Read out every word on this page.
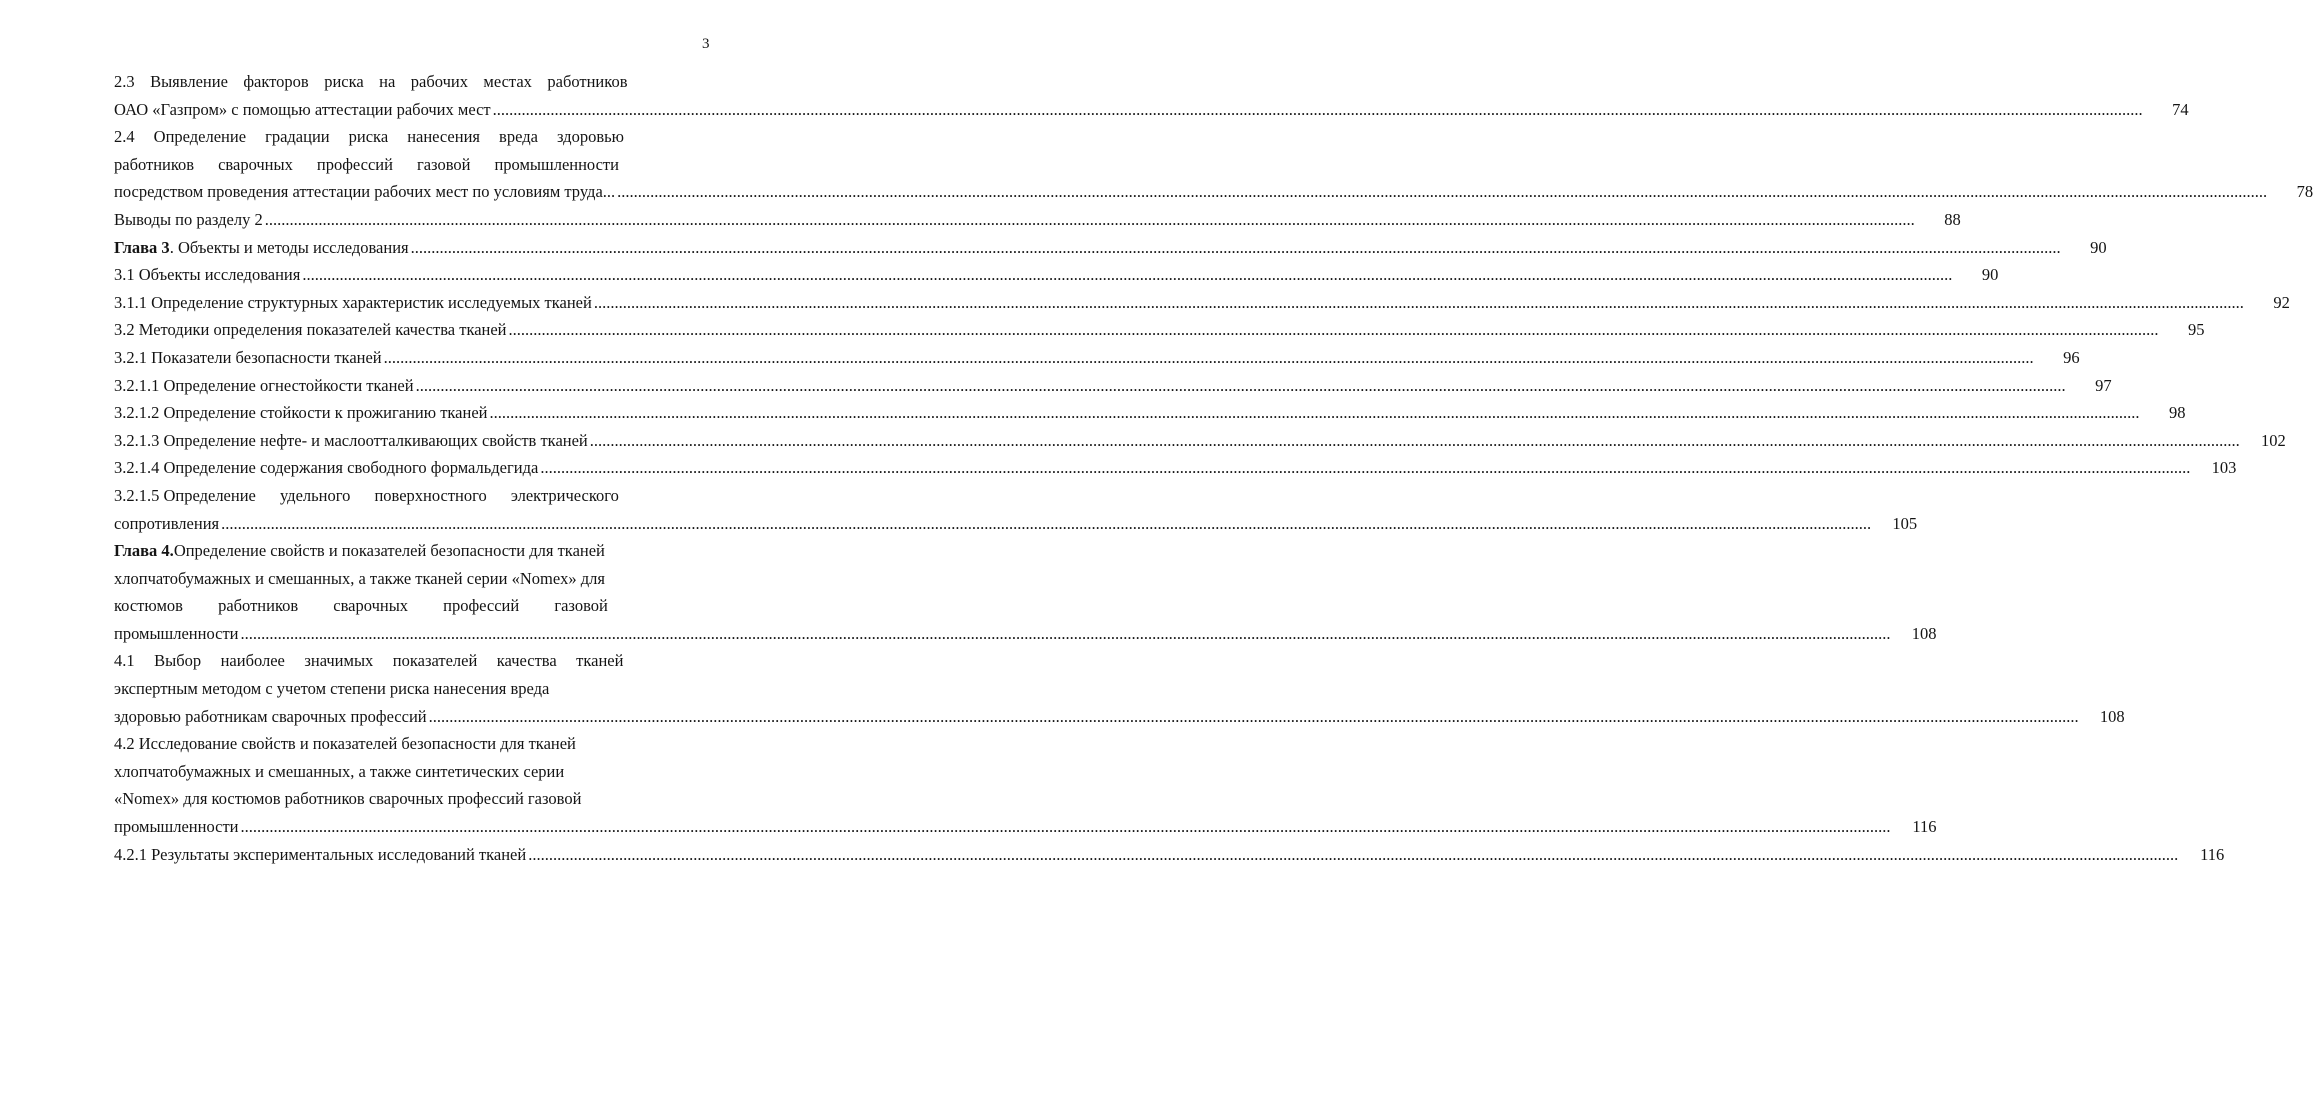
3
2.3 Выявление факторов риска на рабочих местах работников
ОАО «Газпром» с помощью аттестации рабочих мест ................................................................................................................................................................................................................................................................................................................................................................................................................	74
2.4 Определение градации риска нанесения вреда здоровью
работников сварочных профессий газовой промышленности
посредством проведения аттестации рабочих мест по условиям труда... ................................................................................................................................................................................................................................................................................................................................................................................................................	78
Выводы по разделу 2 ................................................................................................................................................................................................................................................................................................................................................................................................................	88
Глава 3 . Объекты и методы исследования ................................................................................................................................................................................................................................................................................................................................................................................................................	90
3.1 Объекты исследования ................................................................................................................................................................................................................................................................................................................................................................................................................	90
3.1.1 Определение структурных характеристик исследуемых тканей ................................................................................................................................................................................................................................................................................................................................................................................................................	92
3.2 Методики определения показателей качества тканей ................................................................................................................................................................................................................................................................................................................................................................................................................	95
3.2.1 Показатели безопасности тканей ................................................................................................................................................................................................................................................................................................................................................................................................................	96
3.2.1.1 Определение огнестойкости тканей ................................................................................................................................................................................................................................................................................................................................................................................................................	97
3.2.1.2 Определение стойкости к прожиганию тканей ................................................................................................................................................................................................................................................................................................................................................................................................................	98
3.2.1.3 Определение нефте- и маслоотталкивающих свойств тканей ................................................................................................................................................................................................................................................................................................................................................................................................................	102
3.2.1.4 Определение содержания свободного формальдегида ................................................................................................................................................................................................................................................................................................................................................................................................................	103
3.2.1.5 Определение удельного поверхностного электрического
сопротивления ................................................................................................................................................................................................................................................................................................................................................................................................................	105
Глава 4. Определение свойств и показателей безопасности для тканей
хлопчатобумажных и смешанных, а также тканей серии «Nomex» для
костюмов работников сварочных профессий газовой
промышленности ................................................................................................................................................................................................................................................................................................................................................................................................................	108
4.1 Выбор наиболее значимых показателей качества тканей
экспертным методом с учетом степени риска нанесения вреда
здоровью работникам сварочных профессий ................................................................................................................................................................................................................................................................................................................................................................................................................	108
4.2 Исследование свойств и показателей безопасности для тканей
хлопчатобумажных и смешанных, а также синтетических серии
«Nomex» для костюмов работников сварочных профессий газовой
промышленности ................................................................................................................................................................................................................................................................................................................................................................................................................	116
4.2.1 Результаты экспериментальных исследований тканей ................................................................................................................................................................................................................................................................................................................................................................................................................	116
